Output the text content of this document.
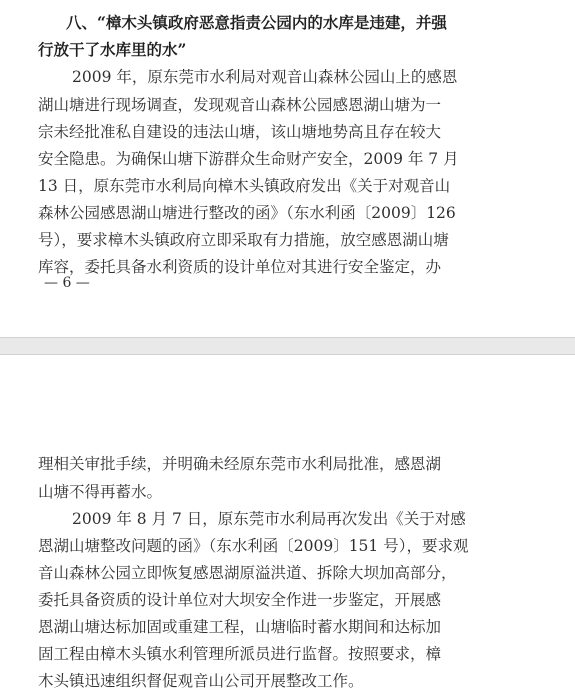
八、“樟木头镇政府恶意指责公园内的水库是违建，并强
行放干了水库里的水”
2009 年，原东莞市水利局对观音山森林公园山上的感恩
湖山塘进行现场调查，发现观音山森林公园感恩湖山塘为一
宗未经批准私自建设的违法山塘，该山塘地势高且存在较大
安全隐患。为确保山塘下游群众生命财产安全，2009 年 7 月
13 日，原东莞市水利局向樟木头镇政府发出《关于对观音山
森林公园感恩湖山塘进行整改的函》（东水利函〔2009〕126
号），要求樟木头镇政府立即采取有力措施，放空感恩湖山塘
库容，委托具备水利资质的设计单位对其进行安全鉴定，办
— 6 —
理相关审批手续，并明确未经原东莞市水利局批准，感恩湖
山塘不得再蓄水。
2009 年 8 月 7 日，原东莞市水利局再次发出《关于对感
恩湖山塘整改问题的函》（东水利函〔2009〕151 号），要求观
音山森林公园立即恢复感恩湖原溢洪道、拆除大坝加高部分，
委托具备资质的设计单位对大坝安全作进一步鉴定，开展感
恩湖山塘达标加固或重建工程，山塘临时蓄水期间和达标加
固工程由樟木头镇水利管理所派员进行监督。按照要求，樟
木头镇迅速组织督促观音山公司开展整改工作。
